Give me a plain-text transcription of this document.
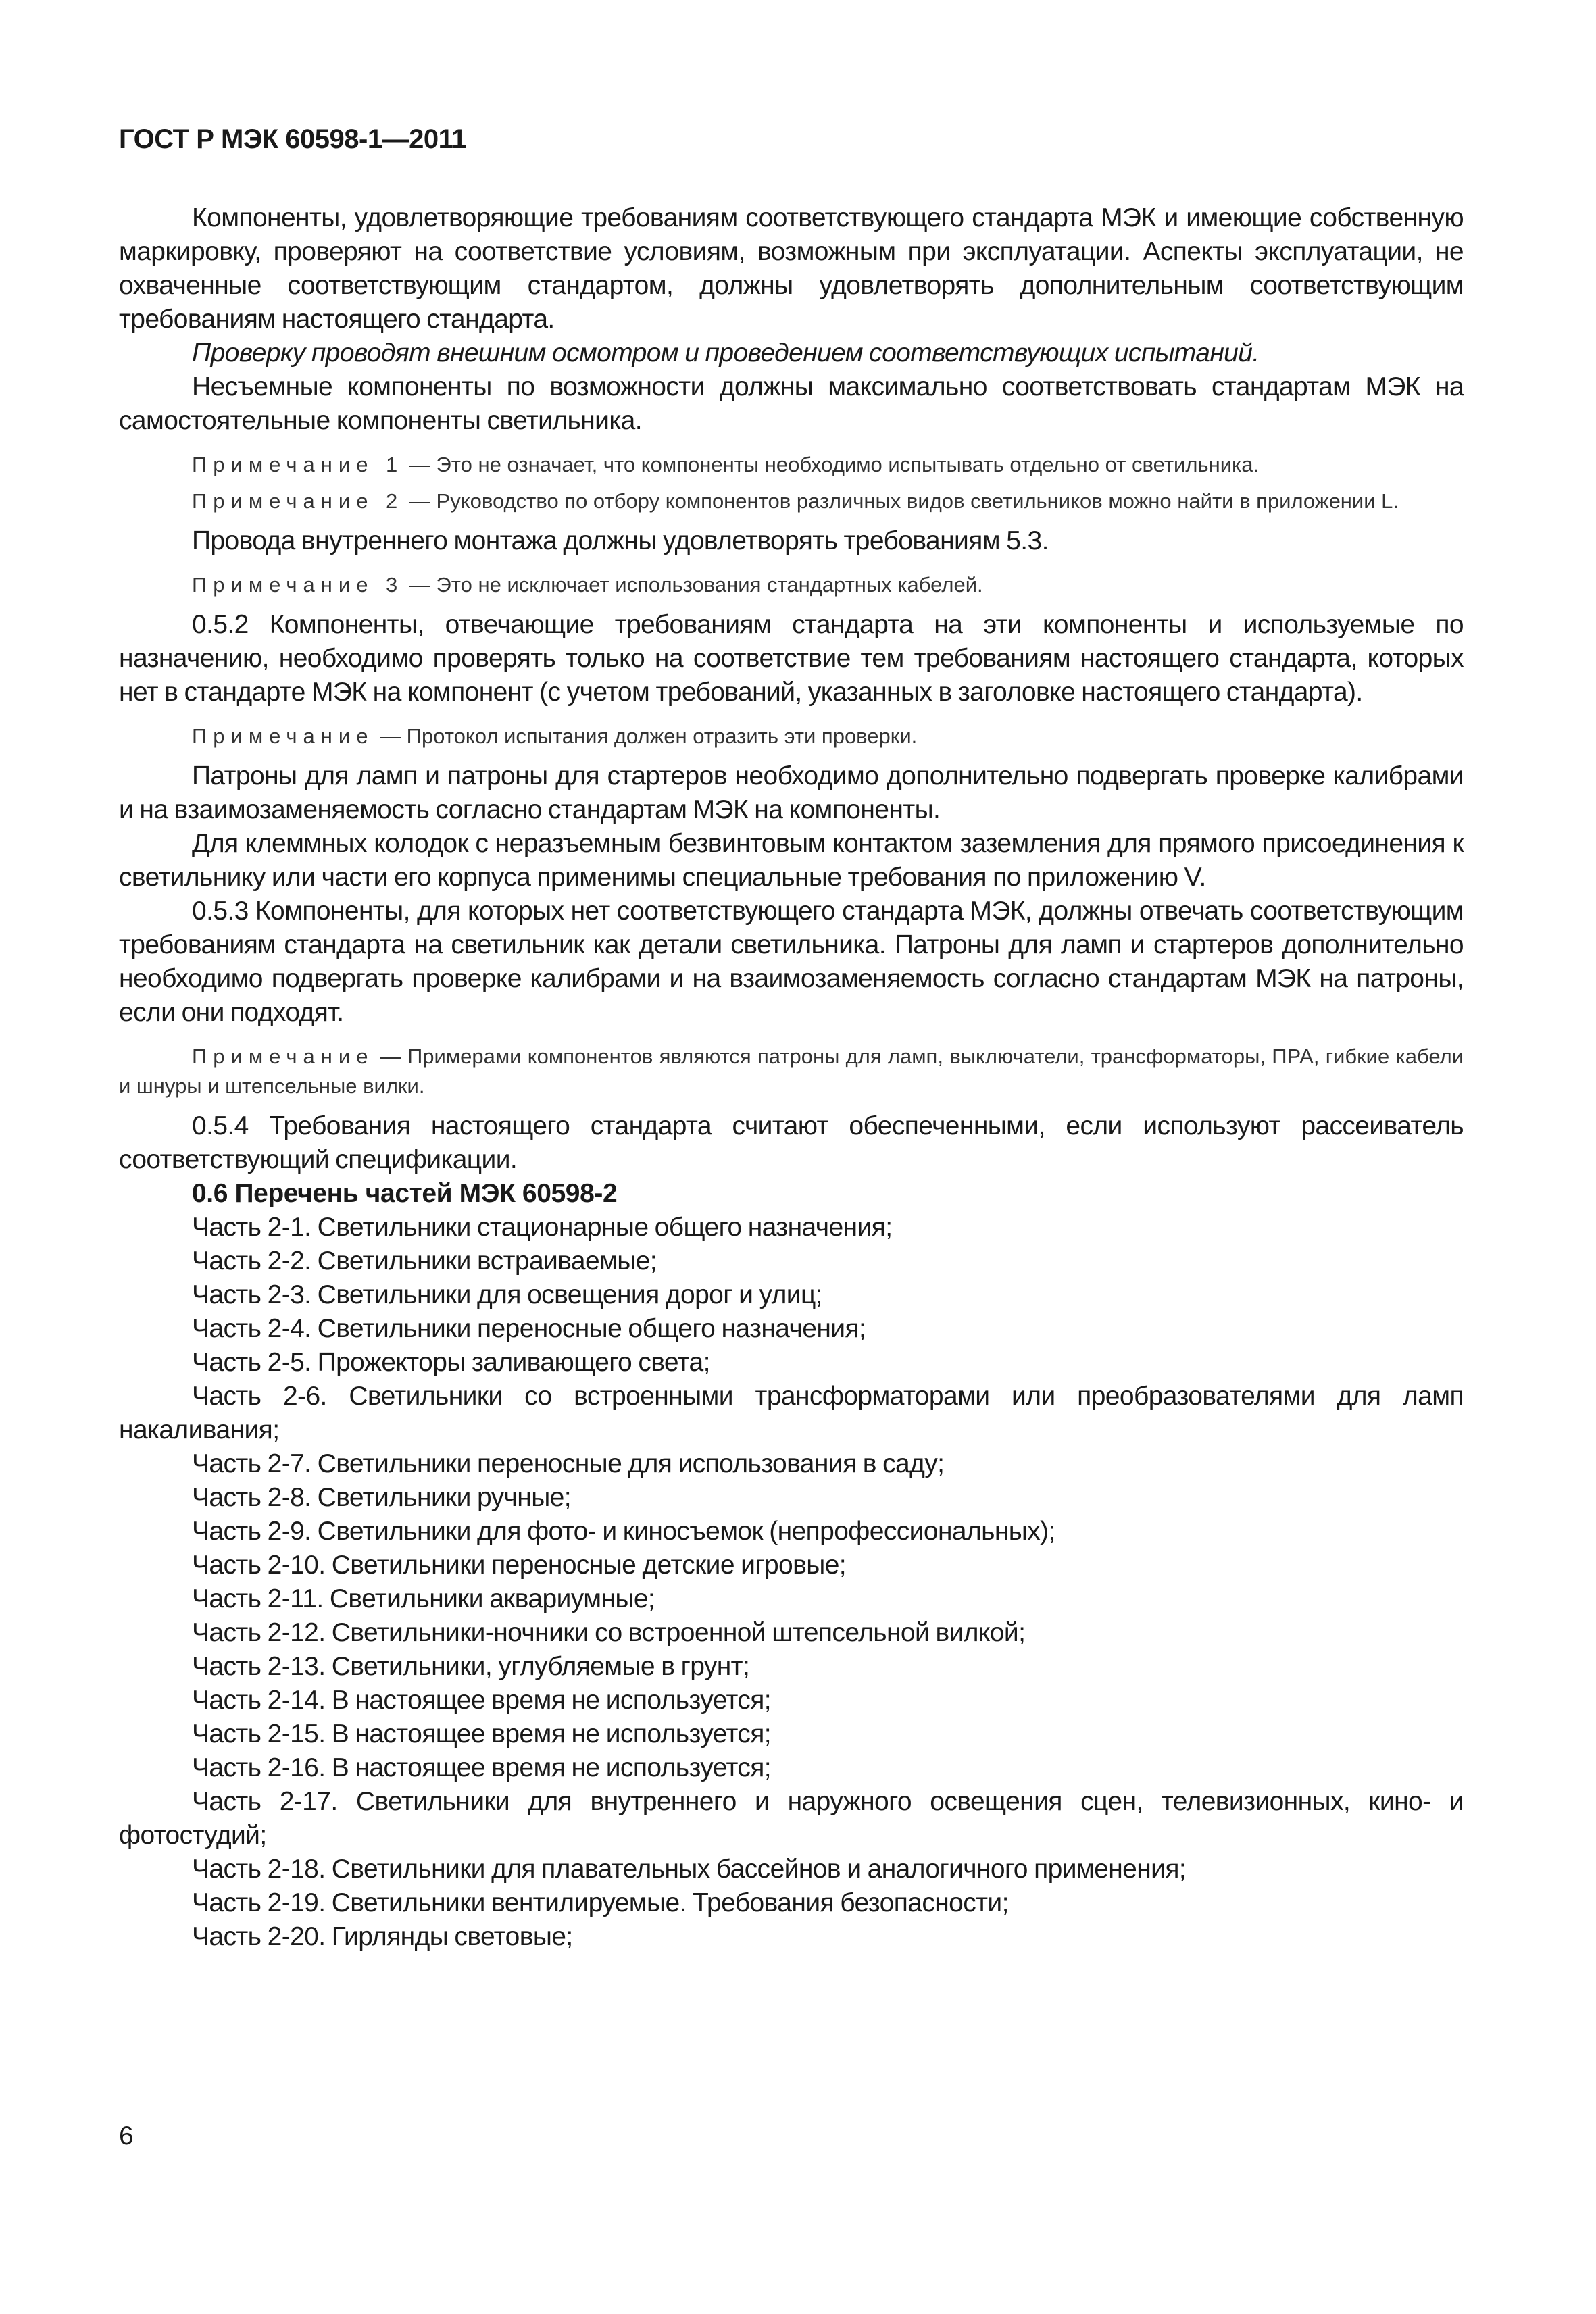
ГОСТ Р МЭК 60598-1—2011

Компоненты, удовлетворяющие требованиям соответствующего стандарта МЭК и имеющие собственную маркировку, проверяют на соответствие условиям, возможным при эксплуатации. Аспекты эксплуатации, не охваченные соответствующим стандартом, должны удовлетворять дополнительным соответствующим требованиям настоящего стандарта.

Проверку проводят внешним осмотром и проведением соответствующих испытаний.

Несъемные компоненты по возможности должны максимально соответствовать стандартам МЭК на самостоятельные компоненты светильника.

Примечание 1 — Это не означает, что компоненты необходимо испытывать отдельно от светильника.

Примечание 2 — Руководство по отбору компонентов различных видов светильников можно найти в приложении L.

Провода внутреннего монтажа должны удовлетворять требованиям 5.3.

Примечание 3 — Это не исключает использования стандартных кабелей.

0.5.2 Компоненты, отвечающие требованиям стандарта на эти компоненты и используемые по назначению, необходимо проверять только на соответствие тем требованиям настоящего стандарта, которых нет в стандарте МЭК на компонент (с учетом требований, указанных в заголовке настоящего стандарта).

Примечание — Протокол испытания должен отразить эти проверки.

Патроны для ламп и патроны для стартеров необходимо дополнительно подвергать проверке калибрами и на взаимозаменяемость согласно стандартам МЭК на компоненты.

Для клеммных колодок с неразъемным безвинтовым контактом заземления для прямого присоединения к светильнику или части его корпуса применимы специальные требования по приложению V.

0.5.3 Компоненты, для которых нет соответствующего стандарта МЭК, должны отвечать соответствующим требованиям стандарта на светильник как детали светильника. Патроны для ламп и стартеров дополнительно необходимо подвергать проверке калибрами и на взаимозаменяемость согласно стандартам МЭК на патроны, если они подходят.

Примечание — Примерами компонентов являются патроны для ламп, выключатели, трансформаторы, ПРА, гибкие кабели и шнуры и штепсельные вилки.

0.5.4 Требования настоящего стандарта считают обеспеченными, если используют рассеиватель соответствующий спецификации.

0.6 Перечень частей МЭК 60598-2

Часть 2-1. Светильники стационарные общего назначения;

Часть 2-2. Светильники встраиваемые;

Часть 2-3. Светильники для освещения дорог и улиц;

Часть 2-4. Светильники переносные общего назначения;

Часть 2-5. Прожекторы заливающего света;

Часть 2-6. Светильники со встроенными трансформаторами или преобразователями для ламп накаливания;

Часть 2-7. Светильники переносные для использования в саду;

Часть 2-8. Светильники ручные;

Часть 2-9. Светильники для фото- и киносъемок (непрофессиональных);

Часть 2-10. Светильники переносные детские игровые;

Часть 2-11. Светильники аквариумные;

Часть 2-12. Светильники-ночники со встроенной штепсельной вилкой;

Часть 2-13. Светильники, углубляемые в грунт;

Часть 2-14. В настоящее время не используется;

Часть 2-15. В настоящее время не используется;

Часть 2-16. В настоящее время не используется;

Часть 2-17. Светильники для внутреннего и наружного освещения сцен, телевизионных, кино- и фотостудий;

Часть 2-18. Светильники для плавательных бассейнов и аналогичного применения;

Часть 2-19. Светильники вентилируемые. Требования безопасности;

Часть 2-20. Гирлянды световые;

6
